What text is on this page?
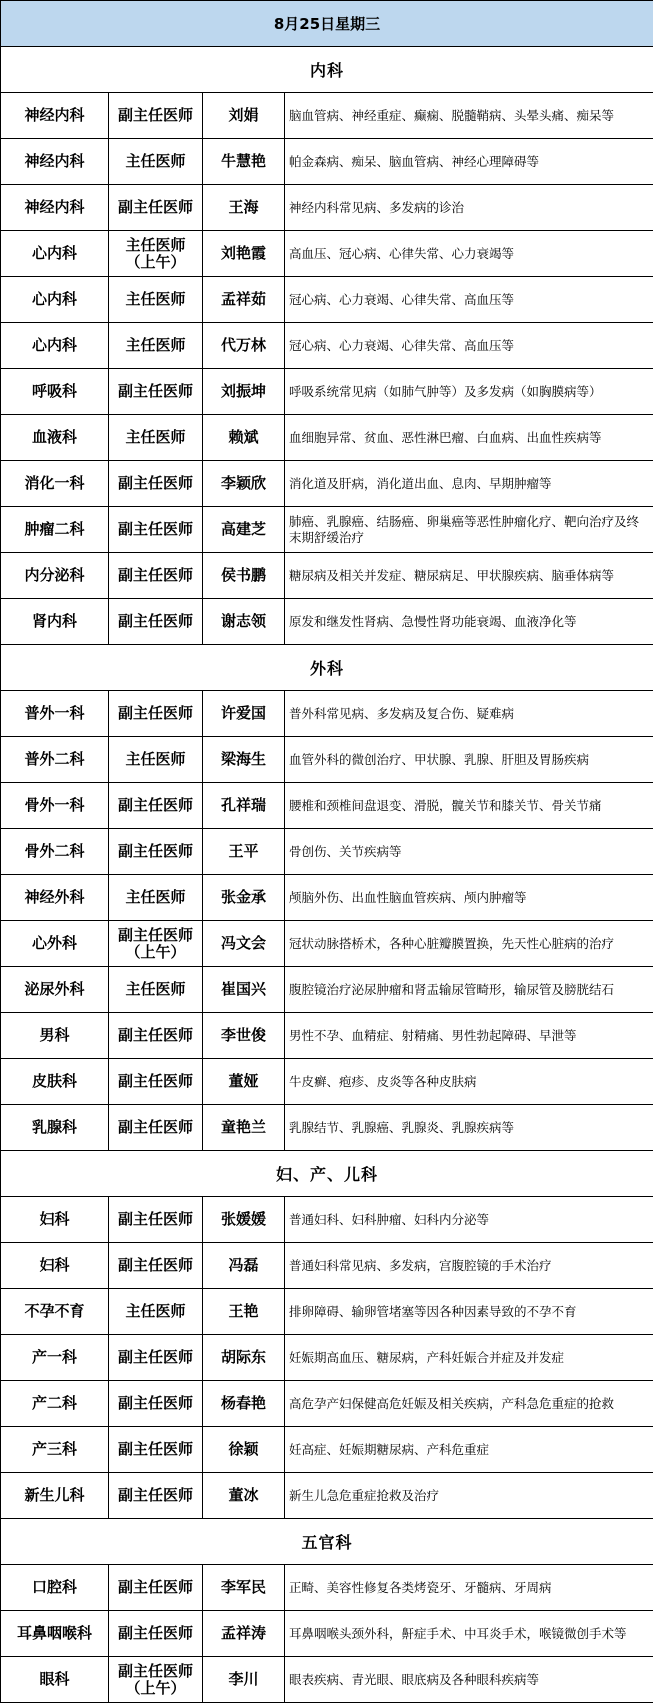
8月25日星期三			
内科			
神经内科	副主任医师	刘娟	脑血管病、神经重症、癫痫、脱髓鞘病、头晕头痛、痴呆等
神经内科	主任医师	牛慧艳	帕金森病、痴呆、脑血管病、神经心理障碍等
神经内科	副主任医师	王海	神经内科常见病、多发病的诊治
心内科	主任医师（上午）	刘艳霞	高血压、冠心病、心律失常、心力衰竭等
心内科	主任医师	孟祥茹	冠心病、心力衰竭、心律失常、高血压等
心内科	主任医师	代万林	冠心病、心力衰竭、心律失常、高血压等
呼吸科	副主任医师	刘振坤	呼吸系统常见病（如肺气肿等）及多发病（如胸膜病等）
血液科	主任医师	赖斌	血细胞异常、贫血、恶性淋巴瘤、白血病、出血性疾病等
消化一科	副主任医师	李颖欣	消化道及肝病，消化道出血、息肉、早期肿瘤等
肿瘤二科	副主任医师	高建芝	肺癌、乳腺癌、结肠癌、卵巢癌等恶性肿瘤化疗、靶向治疗及终末期舒缓治疗
内分泌科	副主任医师	侯书鹏	糖尿病及相关并发症、糖尿病足、甲状腺疾病、脑垂体病等
肾内科	副主任医师	谢志领	原发和继发性肾病、急慢性肾功能衰竭、血液净化等
外科			
普外一科	副主任医师	许爱国	普外科常见病、多发病及复合伤、疑难病
普外二科	主任医师	梁海生	血管外科的微创治疗、甲状腺、乳腺、肝胆及胃肠疾病
骨外一科	副主任医师	孔祥瑞	腰椎和颈椎间盘退变、滑脱，髋关节和膝关节、骨关节痛
骨外二科	副主任医师	王平	骨创伤、关节疾病等
神经外科	主任医师	张金承	颅脑外伤、出血性脑血管疾病、颅内肿瘤等
心外科	副主任医师（上午）	冯文会	冠状动脉搭桥术，各种心脏瓣膜置换，先天性心脏病的治疗
泌尿外科	主任医师	崔国兴	腹腔镜治疗泌尿肿瘤和肾盂输尿管畸形，输尿管及膀胱结石
男科	副主任医师	李世俊	男性不孕、血精症、射精痛、男性勃起障碍、早泄等
皮肤科	副主任医师	董娅	牛皮癣、疱疹、皮炎等各种皮肤病
乳腺科	副主任医师	童艳兰	乳腺结节、乳腺癌、乳腺炎、乳腺疾病等
妇、产、儿科			
妇科	副主任医师	张媛媛	普通妇科、妇科肿瘤、妇科内分泌等
妇科	副主任医师	冯磊	普通妇科常见病、多发病，宫腹腔镜的手术治疗
不孕不育	主任医师	王艳	排卵障碍、输卵管堵塞等因各种因素导致的不孕不育
产一科	副主任医师	胡际东	妊娠期高血压、糖尿病，产科妊娠合并症及并发症
产二科	副主任医师	杨春艳	高危孕产妇保健高危妊娠及相关疾病，产科急危重症的抢救
产三科	副主任医师	徐颖	妊高症、妊娠期糖尿病、产科危重症
新生儿科	副主任医师	董冰	新生儿急危重症抢救及治疗
五官科			
口腔科	副主任医师	李军民	正畸、美容性修复各类烤瓷牙、牙髓病、牙周病
耳鼻咽喉科	副主任医师	孟祥涛	耳鼻咽喉头颈外科，鼾症手术、中耳炎手术，喉镜微创手术等
眼科	副主任医师（上午）	李川	眼表疾病、青光眼、眼底病及各种眼科疾病等
